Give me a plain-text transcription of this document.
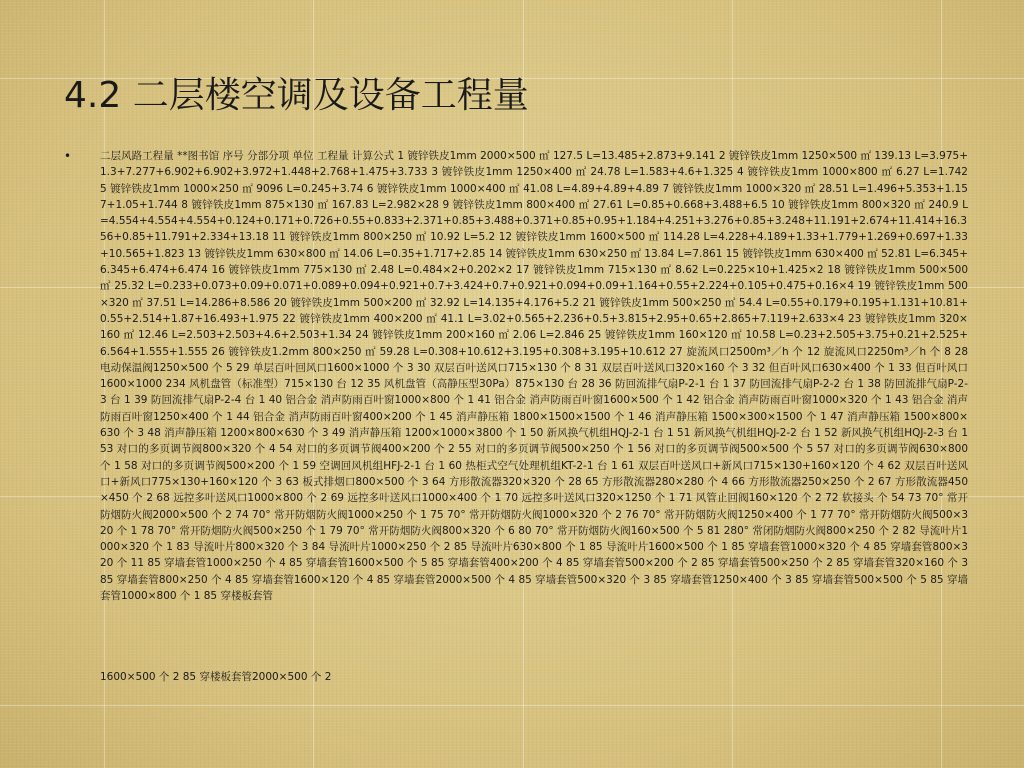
4.2 二层楼空调及设备工程量
•	二层风路工程量 **图书馆 序号 分部分项 单位 工程量 计算公式 1 镀锌铁皮1mm 2000×500 ㎡ 127.5 L=13.485+2.873+9.141 2 镀锌铁皮1mm 1250×500 ㎡ 139.13 L=3.975+1.3+7.277+6.902+6.902+3.972+1.448+2.768+1.475+3.733 3 镀锌铁皮1mm 1250×400 ㎡ 24.78 L=1.583+4.6+1.325 4 镀锌铁皮1mm 1000×800 ㎡ 6.27 L=1.742 5 镀锌铁皮1mm 1000×250 ㎡ 9096 L=0.245+3.74 6 镀锌铁皮1mm 1000×400 ㎡ 41.08 L=4.89+4.89+4.89 7 镀锌铁皮1mm 1000×320 ㎡ 28.51 L=1.496+5.353+1.157+1.05+1.744 8 镀锌铁皮1mm 875×130 ㎡ 167.83 L=2.982×28 9 镀锌铁皮1mm 800×400 ㎡ 27.61 L=0.85+0.668+3.488+6.5 10 镀锌铁皮1mm 800×320 ㎡ 240.9 L=4.554+4.554+4.554+0.124+0.171+0.726+0.55+0.833+2.371+0.85+3.488+0.371+0.85+0.95+1.184+4.251+3.276+0.85+3.248+11.191+2.674+11.414+16.356+0.85+11.791+2.334+13.18 11 镀锌铁皮1mm 800×250 ㎡ 10.92 L=5.2 12 镀锌铁皮1mm 1600×500 ㎡ 114.28 L=4.228+4.189+1.33+1.779+1.269+0.697+1.33+10.565+1.823 13 镀锌铁皮1mm 630×800 ㎡ 14.06 L=0.35+1.717+2.85 14 镀锌铁皮1mm 630×250 ㎡ 13.84 L=7.861 15 镀锌铁皮1mm 630×400 ㎡ 52.81 L=6.345+6.345+6.474+6.474 16 镀锌铁皮1mm 775×130 ㎡ 2.48 L=0.484×2+0.202×2 17 镀锌铁皮1mm 715×130 ㎡ 8.62 L=0.225×10+1.425×2 18 镀锌铁皮1mm 500×500 ㎡ 25.32 L=0.233+0.073+0.09+0.071+0.089+0.094+0.921+0.7+3.424+0.7+0.921+0.094+0.09+1.164+0.55+2.224+0.105+0.475+0.16×4 19 镀锌铁皮1mm 500×320 ㎡ 37.51 L=14.286+8.586 20 镀锌铁皮1mm 500×200 ㎡ 32.92 L=14.135+4.176+5.2 21 镀锌铁皮1mm 500×250 ㎡ 54.4 L=0.55+0.179+0.195+1.131+10.81+0.55+2.514+1.87+16.493+1.975 22 镀锌铁皮1mm 400×200 ㎡ 41.1 L=3.02+0.565+2.236+0.5+3.815+2.95+0.65+2.865+7.119+2.633×4 23 镀锌铁皮1mm 320×160 ㎡ 12.46 L=2.503+2.503+4.6+2.503+1.34 24 镀锌铁皮1mm 200×160 ㎡ 2.06 L=2.846 25 镀锌铁皮1mm 160×120 ㎡ 10.58 L=0.23+2.505+3.75+0.21+2.525+6.564+1.555+1.555 26 镀锌铁皮1.2mm 800×250 ㎡ 59.28 L=0.308+10.612+3.195+0.308+3.195+10.612 27 旋流风口2500m³／h 个 12 旋流风口2250m³／h 个 8 28 电动保温阀1250×500 个 5 29 单层百叶回风口1600×1000 个 3 30 双层百叶送风口715×130 个 8 31 双层百叶送风口320×160 个 3 32 但百叶风口630×400 个 1 33 但百叶风口1600×1000 234 风机盘管（标准型）715×130 台 12 35 风机盘管（高静压型30Pa）875×130 台 28 36 防回流排气扇P-2-1 台 1 37 防回流排气扇P-2-2 台 1 38 防回流排气扇P-2-3 台 1 39 防回流排气扇P-2-4 台 1 40 铝合金 消声防雨百叶窗1000×800 个 1 41 铝合金 消声防雨百叶窗1600×500 个 1 42 铝合金 消声防雨百叶窗1000×320 个 1 43 铝合金 消声防雨百叶窗1250×400 个 1 44 铝合金 消声防雨百叶窗400×200 个 1 45 消声静压箱 1800×1500×1500 个 1 46 消声静压箱 1500×300×1500 个 1 47 消声静压箱 1500×800×630 个 3 48 消声静压箱 1200×800×630 个 3 49 消声静压箱 1200×1000×3800 个 1 50 新风换气机组HQJ-2-1 台 1 51 新风换气机组HQJ-2-2 台 1 52 新风换气机组HQJ-2-3 台 1 53 对口的多页调节阀800×320 个 4 54 对口的多页调节阀400×200 个 2 55 对口的多页调节阀500×250 个 1 56 对口的多页调节阀500×500 个 5 57 对口的多页调节阀630×800 个 1 58 对口的多页调节阀500×200 个 1 59 空调回风机组HFJ-2-1 台 1 60 热柜式空气处理机组KT-2-1 台 1 61 双层百叶送风口+新风口715×130+160×120 个 4 62 双层百叶送风口+新风口775×130+160×120 个 3 63 板式排烟口800×500 个 3 64 方形散流器320×320 个 28 65 方形散流器280×280 个 4 66 方形散流器250×250 个 2 67 方形散流器450×450 个 2 68 远控多叶送风口1000×800 个 2 69 远控多叶送风口1000×400 个 1 70 远控多叶送风口320×1250 个 1 71 风管止回阀160×120 个 2 72 软接头 个 54 73 70° 常开防烟防火阀2000×500 个 2 74 70° 常开防烟防火阀1000×250 个 1 75 70° 常开防烟防火阀1000×320 个 2 76 70° 常开防烟防火阀1250×400 个 1 77 70° 常开防烟防火阀500×320 个 1 78 70° 常开防烟防火阀500×250 个 1 79 70° 常开防烟防火阀800×320 个 6 80 70° 常开防烟防火阀160×500 个 5 81 280° 常闭防烟防火阀800×250 个 2 82 导流叶片1000×320 个 1 83 导流叶片800×320 个 3 84 导流叶片1000×250 个 2 85 导流叶片630×800 个 1 85 导流叶片1600×500 个 1 85 穿墙套管1000×320 个 4 85 穿墙套管800×320 个 11 85 穿墙套管1000×250 个 4 85 穿墙套管1600×500 个 5 85 穿墙套管400×200 个 4 85 穿墙套管500×200 个 2 85 穿墙套管500×250 个 2 85 穿墙套管320×160 个 3 85 穿墙套管800×250 个 4 85 穿墙套管1600×120 个 4 85 穿墙套管2000×500 个 4 85 穿墙套管500×320 个 3 85 穿墙套管1250×400 个 3 85 穿墙套管500×500 个 5 85 穿墙套管1000×800 个 1 85 穿楼板套管

1600×500 个 2 85 穿楼板套管2000×500 个 2
